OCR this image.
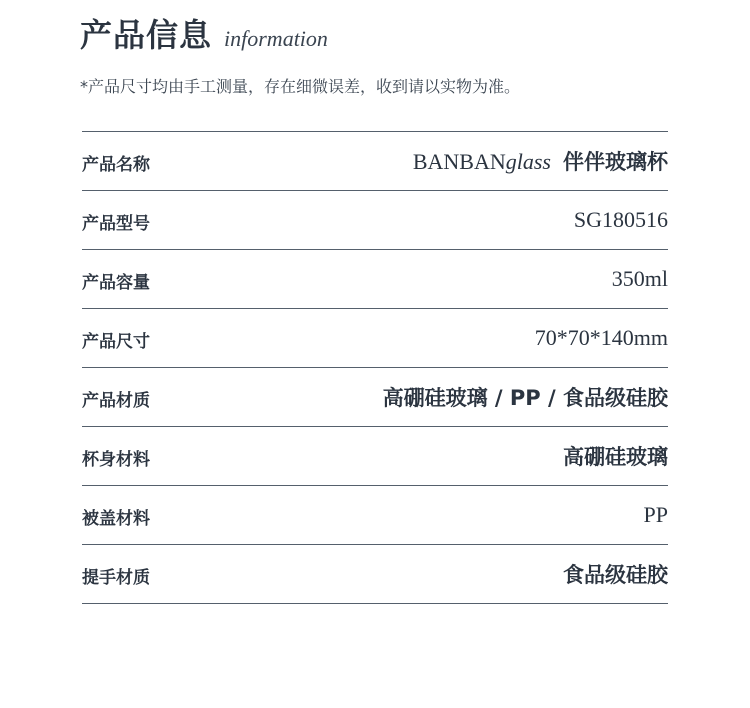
产品信息 information
*产品尺寸均由手工测量，存在细微误差，收到请以实物为准。
产品名称	BANBANglass 伴伴玻璃杯
产品型号	SG180516
产品容量	350ml
产品尺寸	70*70*140mm
产品材质	高硼硅玻璃 / PP / 食品级硅胶
杯身材料	高硼硅玻璃
被盖材料	PP
提手材质	食品级硅胶
